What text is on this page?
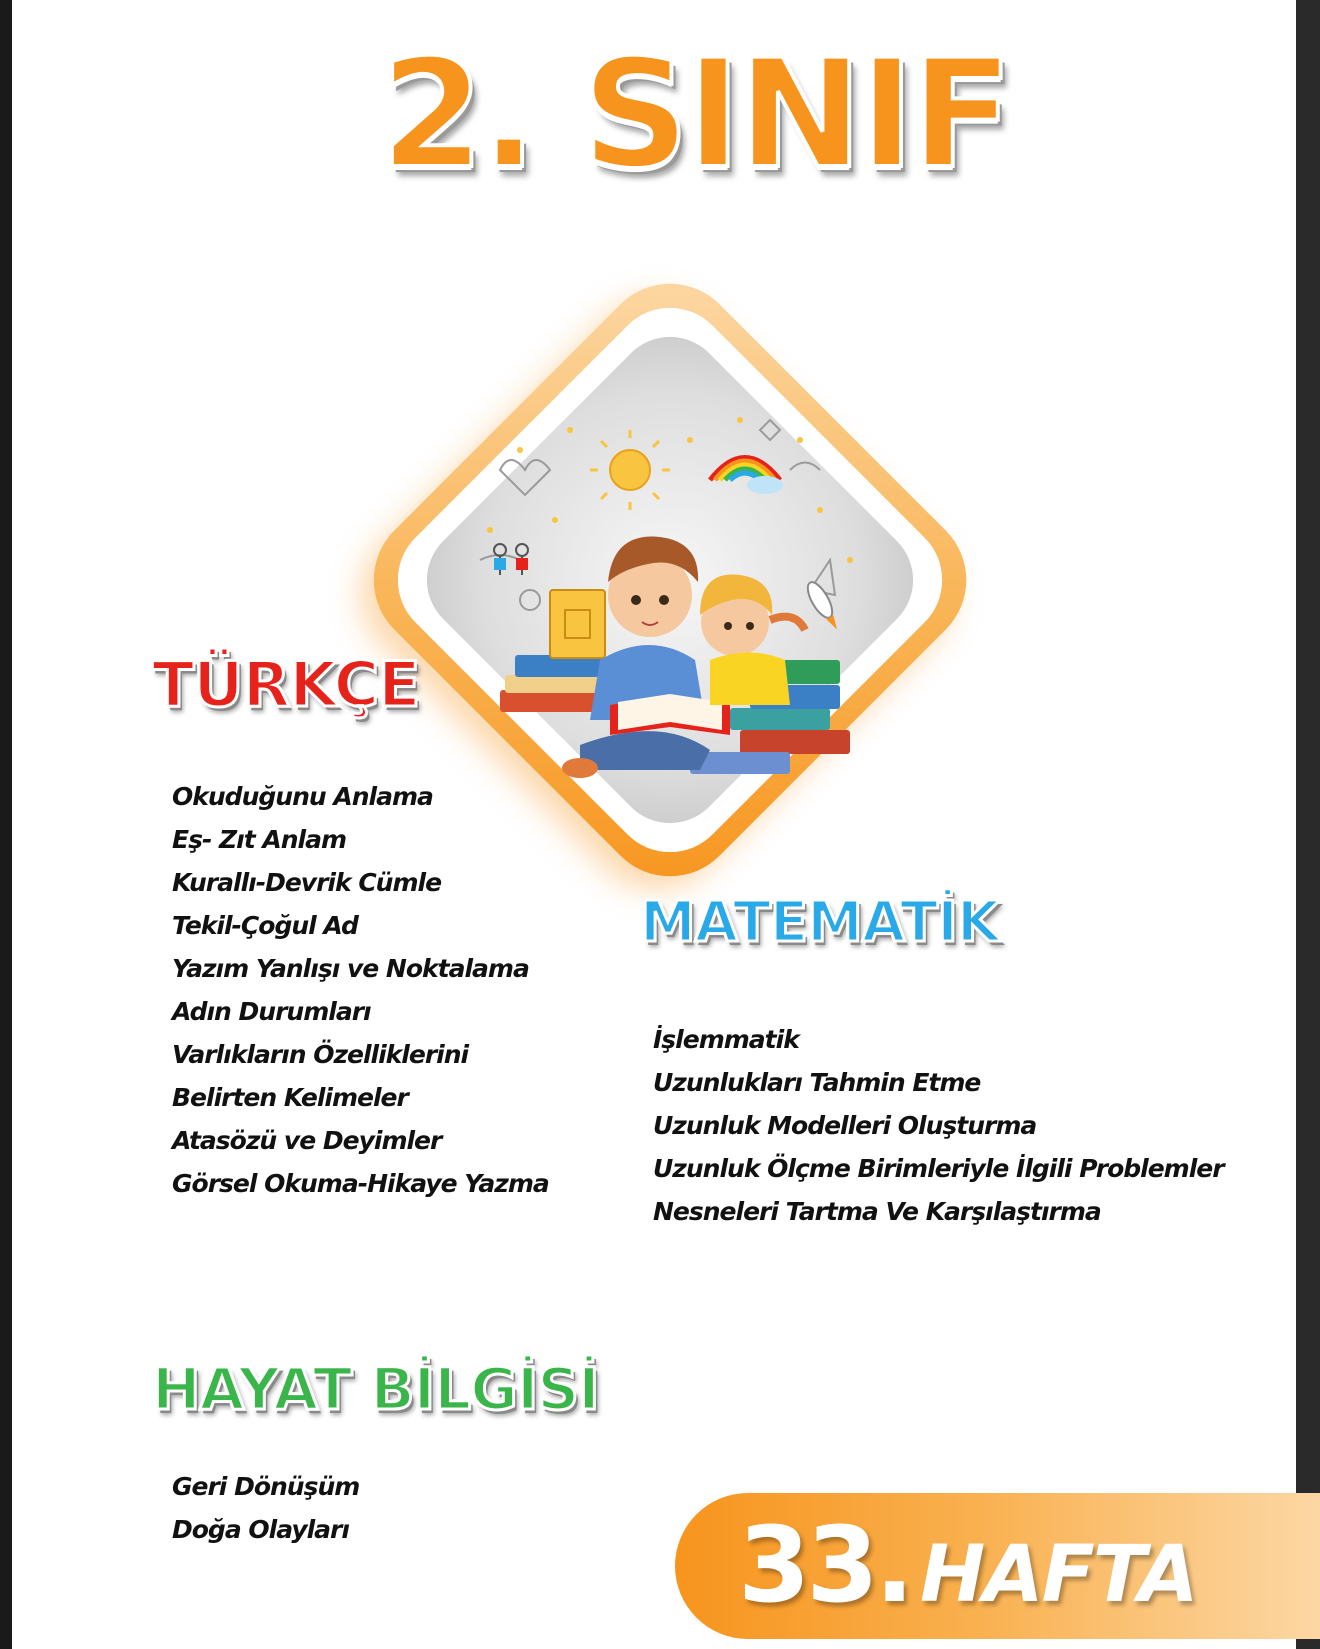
2. SINIF
TÜRKÇE
Okuduğunu Anlama
Eş- Zıt Anlam
Kurallı-Devrik Cümle
Tekil-Çoğul Ad
Yazım Yanlışı ve Noktalama
Adın Durumları
Varlıkların Özelliklerini
Belirten Kelimeler
Atasözü ve Deyimler
Görsel Okuma-Hikaye Yazma
MATEMATİK
İşlemmatik
Uzunlukları Tahmin Etme
Uzunluk Modelleri Oluşturma
Uzunluk Ölçme Birimleriyle İlgili Problemler
Nesneleri Tartma Ve Karşılaştırma
HAYAT BİLGİSİ
Geri Dönüşüm
Doğa Olayları	33. HAFTA
